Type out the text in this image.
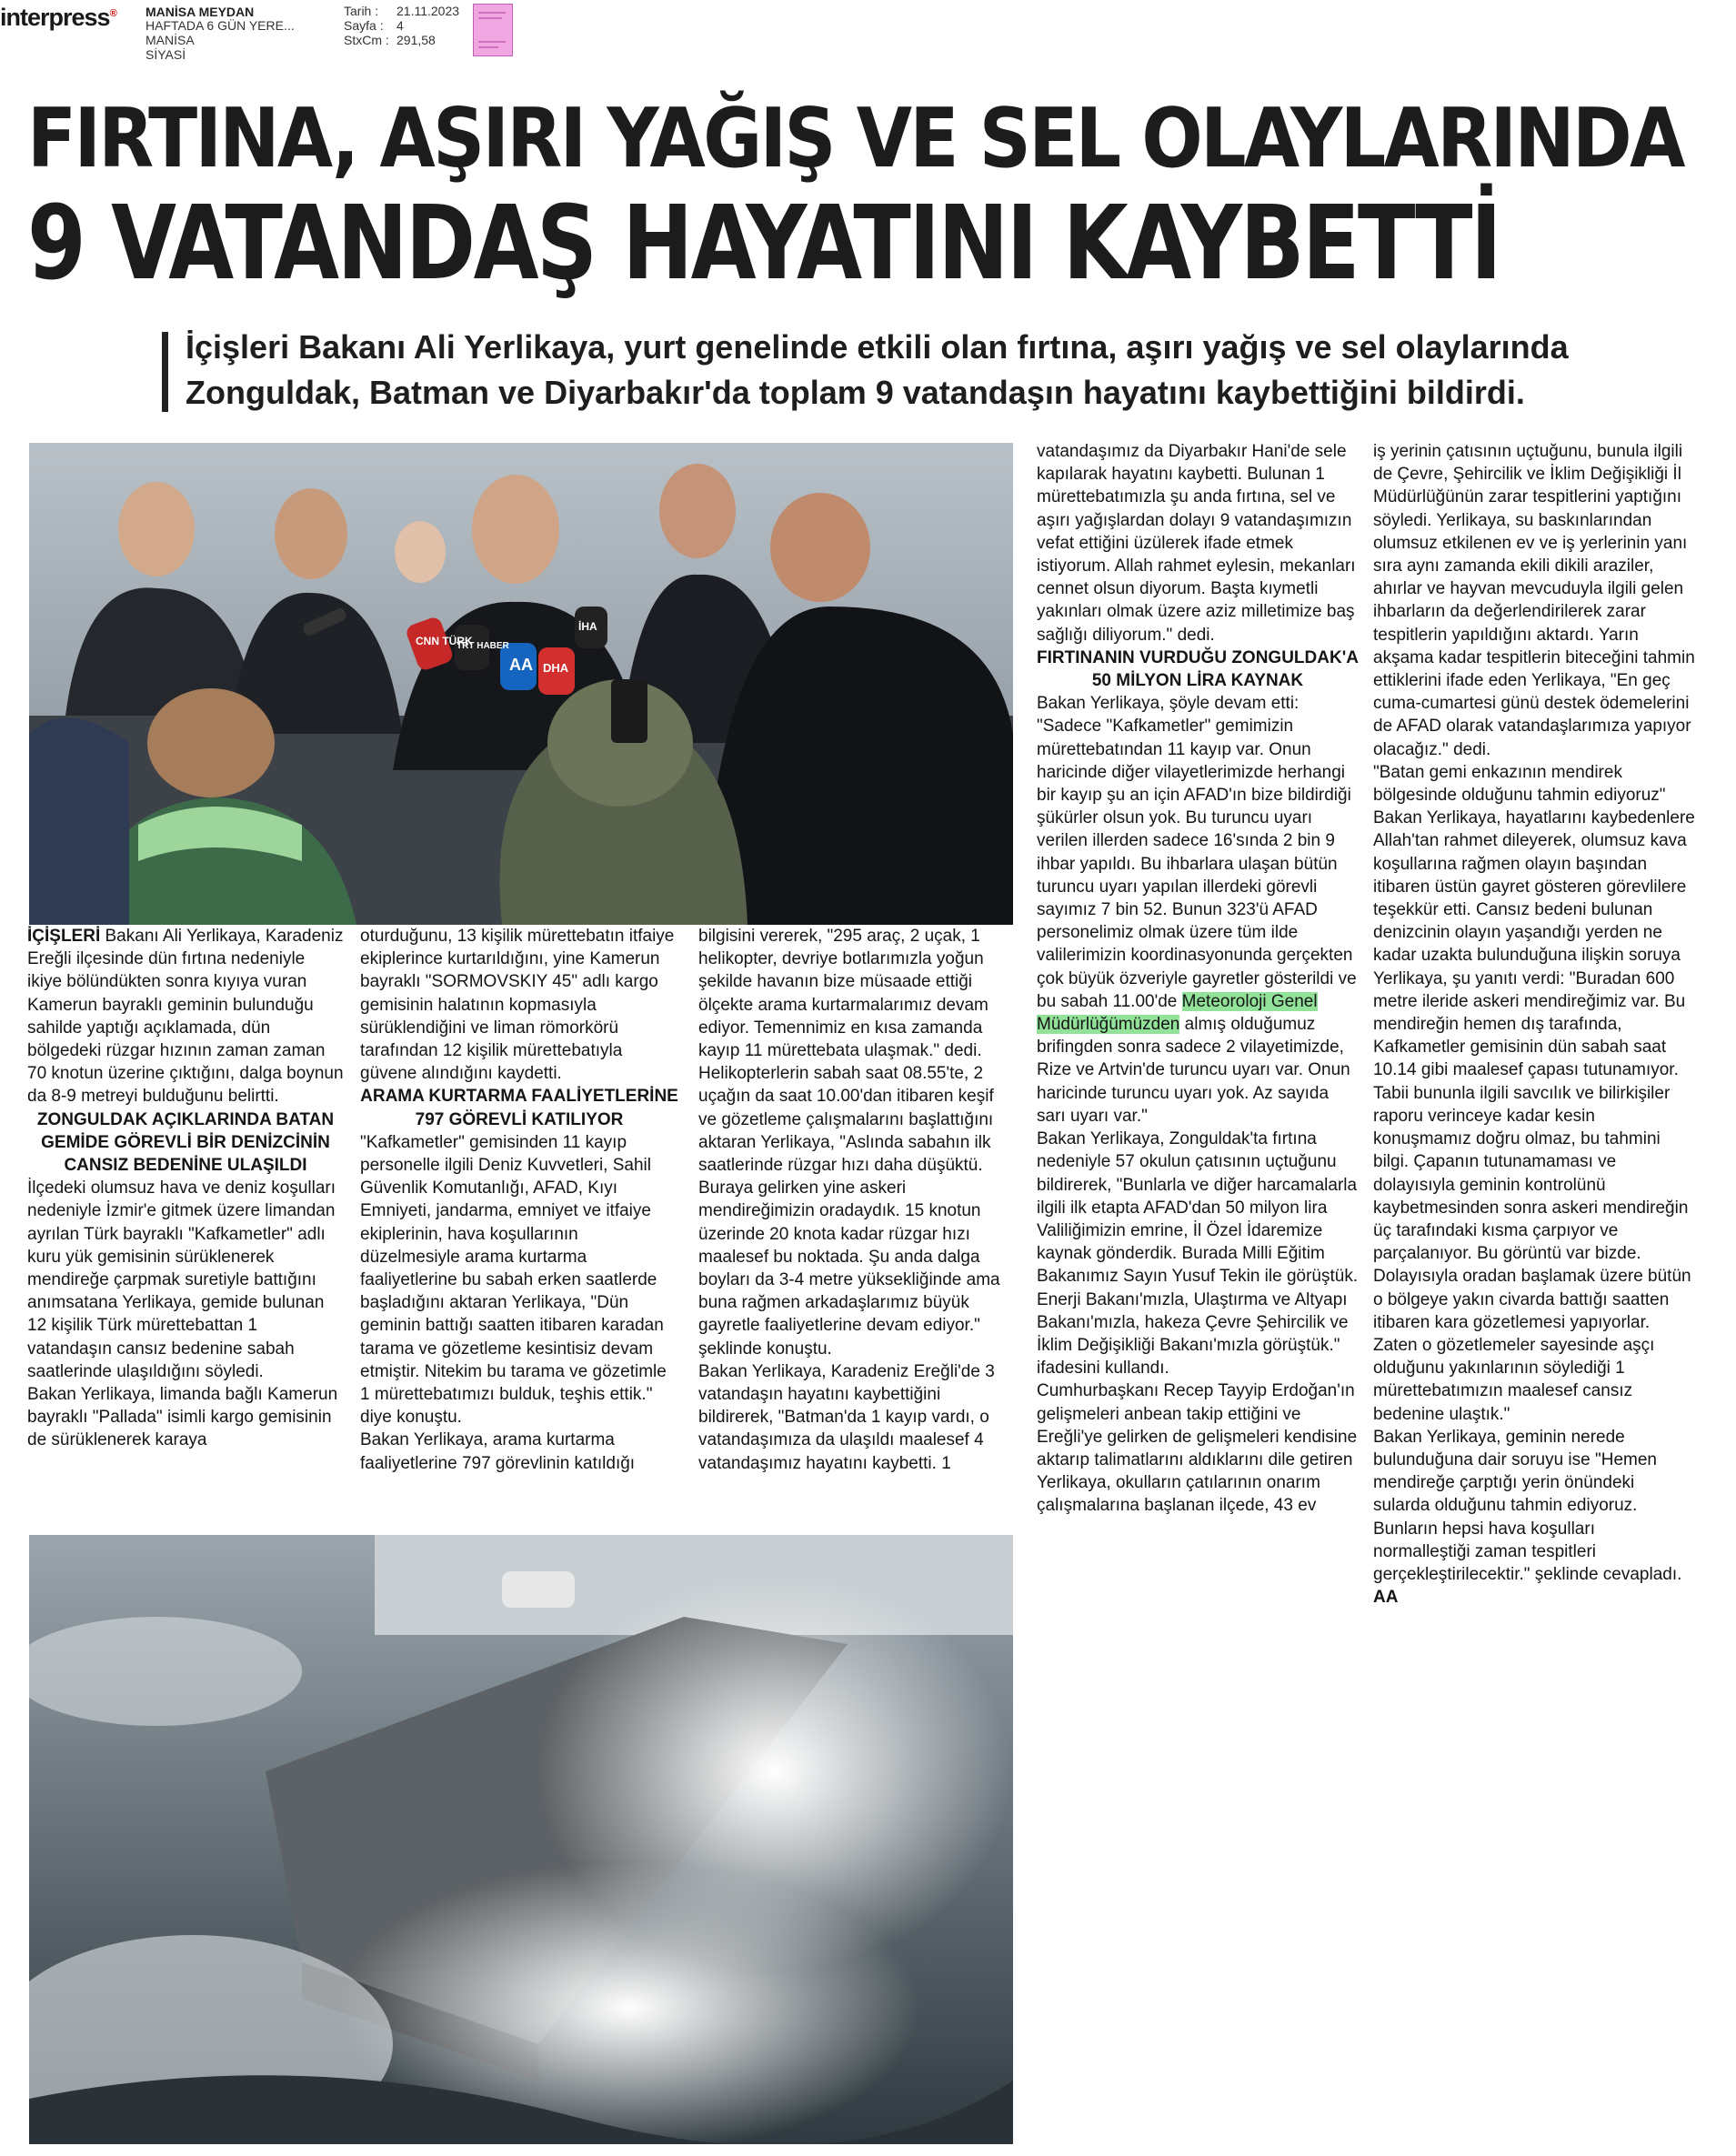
interpress® MANİSA MEYDAN
HAFTADA 6 GÜN YERE...
MANİSA
SİYASİ
Tarih :	21.11.2023
Sayfa :	4
StxCm : 291,58
FIRTINA, AŞIRI YAĞIŞ VE SEL OLAYLARINDA
9 VATANDAŞ HAYATINI KAYBETTİ
İçişleri Bakanı Ali Yerlikaya, yurt genelinde etkili olan fırtına, aşırı yağış ve sel olaylarında Zonguldak, Batman ve Diyarbakır'da toplam 9 vatandaşın hayatını kaybettiğini bildirdi.
CNN TÜRK
TRT HABER
AA DHA
İHA

İÇİŞLERİ Bakanı Ali Yerlikaya, Karadeniz Ereğli ilçesinde dün fırtına nedeniyle ikiye bölündükten sonra kıyıya vuran Kamerun bayraklı geminin bulunduğu sahilde yaptığı açıklamada, dün bölgedeki rüzgar hızının zaman zaman 70 knotun üzerine çıktığını, dalga boynun da 8-9 metreyi bulduğunu belirtti.

ZONGULDAK AÇIKLARINDA BATAN GEMİDE GÖREVLİ BİR DENİZCİNİN CANSIZ BEDENİNE ULAŞILDI

İlçedeki olumsuz hava ve deniz koşulları nedeniyle İzmir'e gitmek üzere limandan ayrılan Türk bayraklı "Kafkametler" adlı kuru yük gemisinin sürüklenerek mendireğe çarpmak suretiyle battığını anımsatana Yerlikaya, gemide bulunan 12 kişilik Türk mürettebattan 1 vatandaşın cansız bedenine sabah saatlerinde ulaşıldığını söyledi.

Bakan Yerlikaya, limanda bağlı Kamerun bayraklı "Pallada" isimli kargo gemisinin de sürüklenerek karaya

oturduğunu, 13 kişilik mürettebatın itfaiye ekiplerince kurtarıldığını, yine Kamerun bayraklı "SORMOVSKIY 45" adlı kargo gemisinin halatının kopmasıyla sürüklendiğini ve liman römorkörü tarafından 12 kişilik mürettebatıyla güvene alındığını kaydetti.

ARAMA KURTARMA FAALİYETLERİNE 797 GÖREVLİ KATILIYOR

"Kafkametler" gemisinden 11 kayıp personelle ilgili Deniz Kuvvetleri, Sahil Güvenlik Komutanlığı, AFAD, Kıyı Emniyeti, jandarma, emniyet ve itfaiye ekiplerinin, hava koşullarının düzelmesiyle arama kurtarma faaliyetlerine bu sabah erken saatlerde başladığını aktaran Yerlikaya, "Dün geminin battığı saatten itibaren karadan tarama ve gözetleme kesintisiz devam etmiştir. Nitekim bu tarama ve gözetimle 1 mürettebatımızı bulduk, teşhis ettik." diye konuştu.

Bakan Yerlikaya, arama kurtarma faaliyetlerine 797 görevlinin katıldığı

bilgisini vererek, "295 araç, 2 uçak, 1 helikopter, devriye botlarımızla yoğun şekilde havanın bize müsaade ettiği ölçekte arama kurtarmalarımız devam ediyor. Temennimiz en kısa zamanda kayıp 11 mürettebata ulaşmak." dedi.

Helikopterlerin sabah saat 08.55'te, 2 uçağın da saat 10.00'dan itibaren keşif ve gözetleme çalışmalarını başlattığını aktaran Yerlikaya, "Aslında sabahın ilk saatlerinde rüzgar hızı daha düşüktü. Buraya gelirken yine askeri mendireğimizin oradaydık. 15 knotun üzerinde 20 knota kadar rüzgar hızı maalesef bu noktada. Şu anda dalga boyları da 3-4 metre yüksekliğinde ama buna rağmen arkadaşlarımız büyük gayretle faaliyetlerine devam ediyor." şeklinde konuştu.

Bakan Yerlikaya, Karadeniz Ereğli'de 3 vatandaşın hayatını kaybettiğini bildirerek, "Batman'da 1 kayıp vardı, o vatandaşımıza da ulaşıldı maalesef 4 vatandaşımız hayatını kaybetti. 1

vatandaşımız da Diyarbakır Hani'de sele kapılarak hayatını kaybetti. Bulunan 1 mürettebatımızla şu anda fırtına, sel ve aşırı yağışlardan dolayı 9 vatandaşımızın vefat ettiğini üzülerek ifade etmek istiyorum. Allah rahmet eylesin, mekanları cennet olsun diyorum. Başta kıymetli yakınları olmak üzere aziz milletimize baş sağlığı diliyorum." dedi.

FIRTINANIN VURDUĞU ZONGULDAK'A 50 MİLYON LİRA KAYNAK

Bakan Yerlikaya, şöyle devam etti: "Sadece "Kafkametler" gemimizin mürettebatından 11 kayıp var. Onun haricinde diğer vilayetlerimizde herhangi bir kayıp şu an için AFAD'ın bize bildirdiği şükürler olsun yok. Bu turuncu uyarı verilen illerden sadece 16'sında 2 bin 9 ihbar yapıldı. Bu ihbarlara ulaşan bütün turuncu uyarı yapılan illerdeki görevli sayımız 7 bin 52. Bunun 323'ü AFAD personelimiz olmak üzere tüm ilde valilerimizin koordinasyonunda gerçekten çok büyük özveriyle gayretler gösterildi ve bu sabah 11.00'de Meteoroloji Genel Müdürlüğümüzden almış olduğumuz brifingden sonra sadece 2 vilayetimizde, Rize ve Artvin'de turuncu uyarı var. Onun haricinde turuncu uyarı yok. Az sayıda sarı uyarı var."

Bakan Yerlikaya, Zonguldak'ta fırtına nedeniyle 57 okulun çatısının uçtuğunu bildirerek, "Bunlarla ve diğer harcamalarla ilgili ilk etapta AFAD'dan 50 milyon lira Valiliğimizin emrine, İl Özel İdaremize kaynak gönderdik. Burada Milli Eğitim Bakanımız Sayın Yusuf Tekin ile görüştük. Enerji Bakanı'mızla, Ulaştırma ve Altyapı Bakanı'mızla, hakeza Çevre Şehircilik ve İklim Değişikliği Bakanı'mızla görüştük." ifadesini kullandı.

Cumhurbaşkanı Recep Tayyip Erdoğan'ın gelişmeleri anbean takip ettiğini ve Ereğli'ye gelirken de gelişmeleri kendisine aktarıp talimatlarını aldıklarını dile getiren Yerlikaya, okulların çatılarının onarım çalışmalarına başlanan ilçede, 43 ev

iş yerinin çatısının uçtuğunu, bunula ilgili de Çevre, Şehircilik ve İklim Değişikliği İl Müdürlüğünün zarar tespitlerini yaptığını söyledi. Yerlikaya, su baskınlarından olumsuz etkilenen ev ve iş yerlerinin yanı sıra aynı zamanda ekili dikili araziler, ahırlar ve hayvan mevcuduyla ilgili gelen ihbarların da değerlendirilerek zarar tespitlerin yapıldığını aktardı. Yarın akşama kadar tespitlerin biteceğini tahmin ettiklerini ifade eden Yerlikaya, "En geç cuma-cumartesi günü destek ödemelerini de AFAD olarak vatandaşlarımıza yapıyor olacağız." dedi.

"Batan gemi enkazının mendirek bölgesinde olduğunu tahmin ediyoruz" Bakan Yerlikaya, hayatlarını kaybedenlere Allah'tan rahmet dileyerek, olumsuz kava koşullarına rağmen olayın başından itibaren üstün gayret gösteren görevlilere teşekkür etti. Cansız bedeni bulunan denizcinin olayın yaşandığı yerden ne kadar uzakta bulunduğuna ilişkin soruya Yerlikaya, şu yanıtı verdi: "Buradan 600 metre ileride askeri mendireğimiz var. Bu mendireğin hemen dış tarafında, Kafkametler gemisinin dün sabah saat 10.14 gibi maalesef çapası tutunamıyor. Tabii bununla ilgili savcılık ve bilirkişiler raporu verinceye kadar kesin konuşmamız doğru olmaz, bu tahmini bilgi. Çapanın tutunamaması ve dolayısıyla geminin kontrolünü kaybetmesinden sonra askeri mendireğin üç tarafındaki kısma çarpıyor ve parçalanıyor. Bu görüntü var bizde. Dolayısıyla oradan başlamak üzere bütün o bölgeye yakın civarda battığı saatten itibaren kara gözetlemesi yapıyorlar. Zaten o gözetlemeler sayesinde aşçı olduğunu yakınlarının söylediği 1 mürettebatımızın maalesef cansız bedenine ulaştık."

Bakan Yerlikaya, geminin nerede bulunduğuna dair soruyu ise "Hemen mendireğe çarptığı yerin önündeki sularda olduğunu tahmin ediyoruz. Bunların hepsi hava koşulları normalleştiği zaman tespitleri gerçekleştirilecektir." şeklinde cevapladı. AA
